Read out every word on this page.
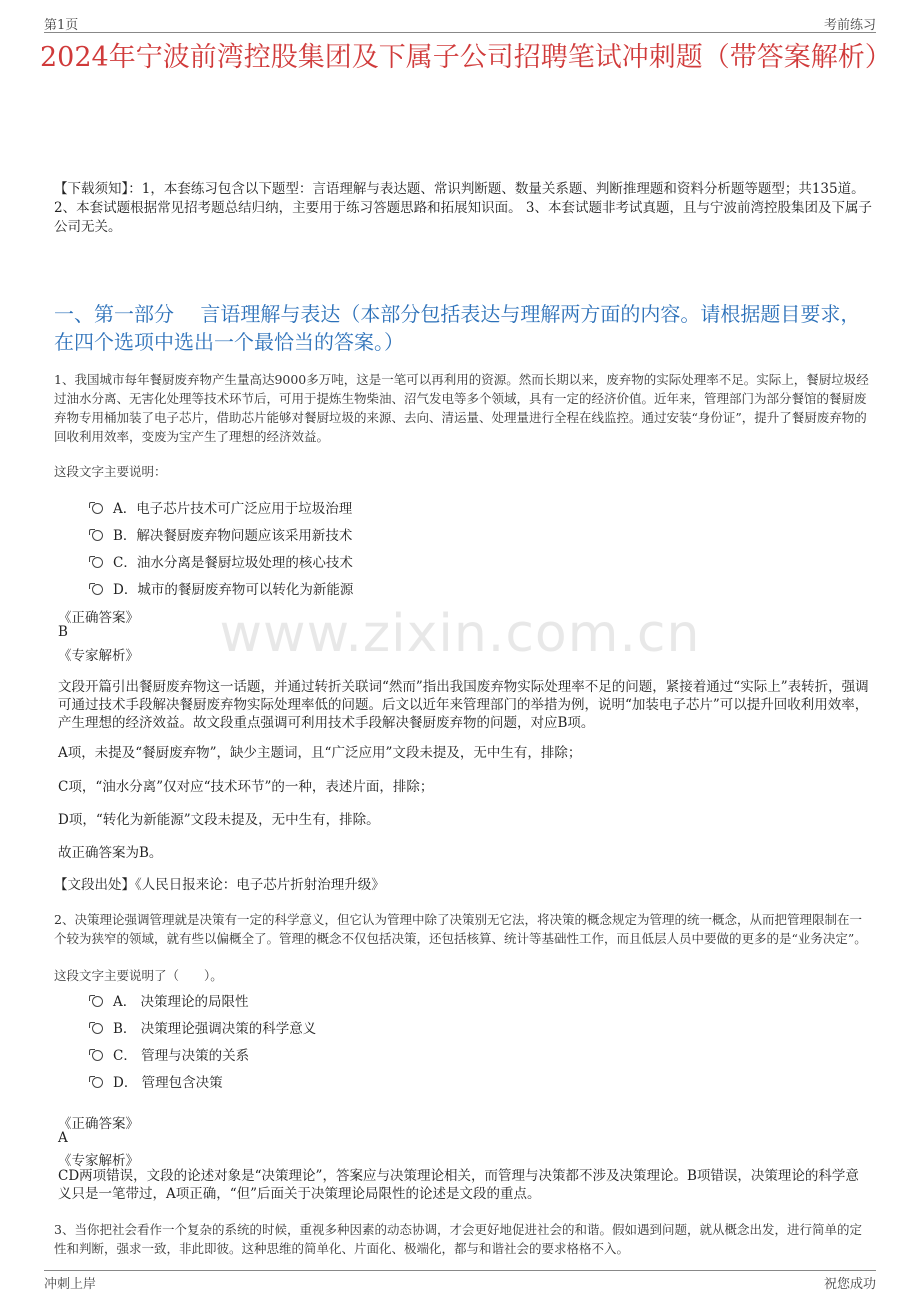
第1页	考前练习
2024年宁波前湾控股集团及下属子公司招聘笔试冲刺题（带答案解析）
【下载须知】：1，本套练习包含以下题型：言语理解与表达题、常识判断题、数量关系题、判断推理题和资料分析题等题型；共135道。 2、本套试题根据常见招考题总结归纳，主要用于练习答题思路和拓展知识面。 3、本套试题非考试真题，且与宁波前湾控股集团及下属子公司无关。
一、第一部分　 言语理解与表达（本部分包括表达与理解两方面的内容。请根据题目要求，在四个选项中选出一个最恰当的答案。）
1、我国城市每年餐厨废弃物产生量高达9000多万吨，这是一笔可以再利用的资源。然而长期以来，废弃物的实际处理率不足。实际上，餐厨垃圾经过油水分离、无害化处理等技术环节后，可用于提炼生物柴油、沼气发电等多个领域，具有一定的经济价值。近年来，管理部门为部分餐馆的餐厨废弃物专用桶加装了电子芯片，借助芯片能够对餐厨垃圾的来源、去向、清运量、处理量进行全程在线监控。通过安装“身份证”，提升了餐厨废弃物的回收利用效率，变废为宝产生了理想的经济效益。
这段文字主要说明：
A．电子芯片技术可广泛应用于垃圾治理
B．解决餐厨废弃物问题应该采用新技术
C．油水分离是餐厨垃圾处理的核心技术
D．城市的餐厨废弃物可以转化为新能源
《正确答案》
B
《专家解析》
文段开篇引出餐厨废弃物这一话题，并通过转折关联词“然而”指出我国废弃物实际处理率不足的问题，紧接着通过“实际上”表转折，强调可通过技术手段解决餐厨废弃物实际处理率低的问题。后文以近年来管理部门的举措为例，说明“加装电子芯片”可以提升回收利用效率，产生理想的经济效益。故文段重点强调可利用技术手段解决餐厨废弃物的问题，对应B项。
A项，未提及“餐厨废弃物”，缺少主题词，且“广泛应用”文段未提及，无中生有，排除；
C项，“油水分离”仅对应“技术环节”的一种，表述片面，排除；
D项，“转化为新能源”文段未提及，无中生有，排除。
故正确答案为B。
【文段出处】《人民日报来论：电子芯片折射治理升级》
2、决策理论强调管理就是决策有一定的科学意义，但它认为管理中除了决策别无它法，将决策的概念规定为管理的统一概念，从而把管理限制在一个较为狭窄的领域，就有些以偏概全了。管理的概念不仅包括决策，还包括核算、统计等基础性工作，而且低层人员中要做的更多的是“业务决定”。
这段文字主要说明了（　　）。
A． 决策理论的局限性
B． 决策理论强调决策的科学意义
C． 管理与决策的关系
D． 管理包含决策
《正确答案》
A
《专家解析》
CD两项错误，文段的论述对象是“决策理论”，答案应与决策理论相关，而管理与决策都不涉及决策理论。B项错误，决策理论的科学意义只是一笔带过，A项正确，“但”后面关于决策理论局限性的论述是文段的重点。
3、当你把社会看作一个复杂的系统的时候，重视多种因素的动态协调，才会更好地促进社会的和谐。假如遇到问题，就从概念出发，进行简单的定性和判断，强求一致，非此即彼。这种思维的简单化、片面化、极端化，都与和谐社会的要求格格不入。
www.zixin.com.cn
冲刺上岸	祝您成功
